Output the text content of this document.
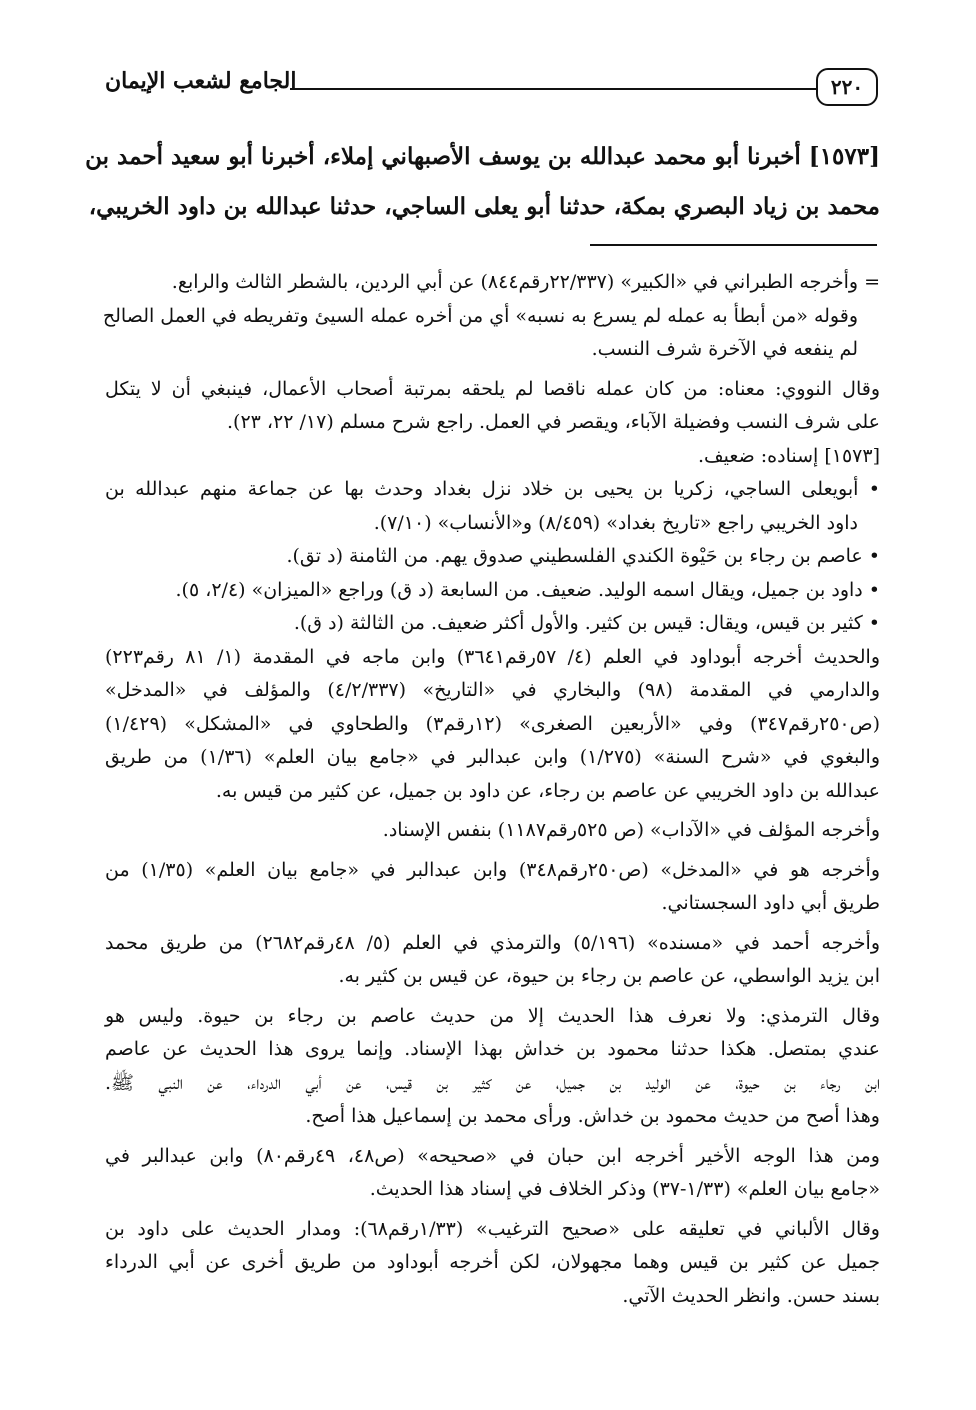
٢٢٠
الجامع لشعب الإيمان
[١٥٧٣] أخبرنا أبو محمد عبدالله بن يوسف الأصبهاني إملاء، أخبرنا أبو سعيد أحمد بن
محمد بن زياد البصري بمكة، حدثنا أبو يعلى الساجي، حدثنا عبدالله بن داود الخريبي،
= وأخرجه الطبراني في «الكبير» (٢٢/٣٣٧رقم٨٤٤) عن أبي الردين، بالشطر الثالث والرابع.
وقوله «من أبطأ به عمله لم يسرع به نسبه» أي من أخره عمله السيئ وتفريطه في العمل الصالح
لم ينفعه في الآخرة شرف النسب.
وقال النووي: معناه: من كان عمله ناقصا لم يلحقه بمرتبة أصحاب الأعمال، فينبغي أن لا يتكل
على شرف النسب وفضيلة الآباء، ويقصر في العمل. راجع شرح مسلم (١٧/ ٢٢، ٢٣).
[١٥٧٣] إسناده: ضعيف.
• أبويعلى الساجي، زكريا بن يحيى بن خلاد نزل بغداد وحدث بها عن جماعة منهم عبدالله بن
داود الخريبي راجع «تاريخ بغداد» (٨/٤٥٩) و«الأنساب» (٧/١٠).
• عاصم بن رجاء بن حَيْوة الكندي الفلسطيني صدوق يهم. من الثامنة (د تق).
• داود بن جميل، ويقال اسمه الوليد. ضعيف. من السابعة (د ق) وراجع «الميزان» (٢/٤، ٥).
• كثير بن قيس، ويقال: قيس بن كثير. والأول أكثر ضعيف. من الثالثة (د ق).
والحديث أخرجه أبوداود في العلم (٤/ ٥٧رقم٣٦٤١) وابن ماجه في المقدمة (١/ ٨١ رقم٢٢٣)
والدارمي في المقدمة (٩٨) والبخاري في «التاريخ» (٤/٢/٣٣٧) والمؤلف في «المدخل»
(ص٢٥٠رقم٣٤٧) وفي «الأربعين الصغرى» (١٢رقم٣) والطحاوي في «المشكل» (١/٤٢٩)
والبغوي في «شرح السنة» (١/٢٧٥) وابن عبدالبر في «جامع بيان العلم» (١/٣٦) من طريق
عبدالله بن داود الخريبي عن عاصم بن رجاء، عن داود بن جميل، عن كثير من قيس به.
وأخرجه المؤلف في «الآداب» (ص ٥٢٥رقم١١٨٧) بنفس الإسناد.
وأخرجه هو في «المدخل» (ص٢٥٠رقم٣٤٨) وابن عبدالبر في «جامع بيان العلم» (١/٣٥) من
طريق أبي داود السجستاني.
وأخرجه أحمد في «مسنده» (٥/١٩٦) والترمذي في العلم (٥/ ٤٨رقم٢٦٨٢) من طريق محمد
ابن يزيد الواسطي، عن عاصم بن رجاء بن حيوة، عن قيس بن كثير به.
وقال الترمذي: ولا نعرف هذا الحديث إلا من حديث عاصم بن رجاء بن حيوة. وليس هو
عندي بمتصل. هكذا حدثنا محمود بن خداش بهذا الإسناد. وإنما يروى هذا الحديث عن عاصم
ابن رجاء بن حيوة، عن الوليد بن جميل، عن كثير بن قيس، عن أبي الدرداء، عن النبي ﷺ.
وهذا أصح من حديث محمود بن خداش. ورأى محمد بن إسماعيل هذا أصح.
ومن هذا الوجه الأخير أخرجه ابن حبان في «صحيحه» (ص٤٨، ٤٩رقم٨٠) وابن عبدالبر في
«جامع بيان العلم» (١/٣٣-٣٧) وذكر الخلاف في إسناد هذا الحديث.
وقال الألباني في تعليقه على «صحيح الترغيب» (١/٣٣رقم٦٨): ومدار الحديث على داود بن
جميل عن كثير بن قيس وهما مجهولان، لكن أخرجه أبوداود من طريق أخرى عن أبي الدرداء
بسند حسن. وانظر الحديث الآتي.
